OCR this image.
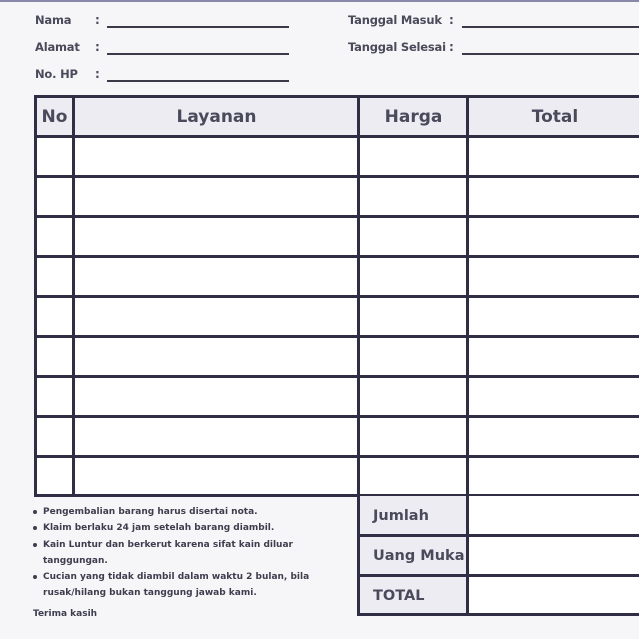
Nama :
Alamat :
No. HP :
Tanggal Masuk :
Tanggal Selesai :
No	Layanan	Harga	Total
Jumlah
Uang Muka
TOTAL
Pengembalian barang harus disertai nota.
Klaim berlaku 24 jam setelah barang diambil.
Kain Luntur dan berkerut karena sifat kain diluar tanggungan.
Cucian yang tidak diambil dalam waktu 2 bulan, bila rusak/hilang bukan tanggung jawab kami.
Terima kasih
